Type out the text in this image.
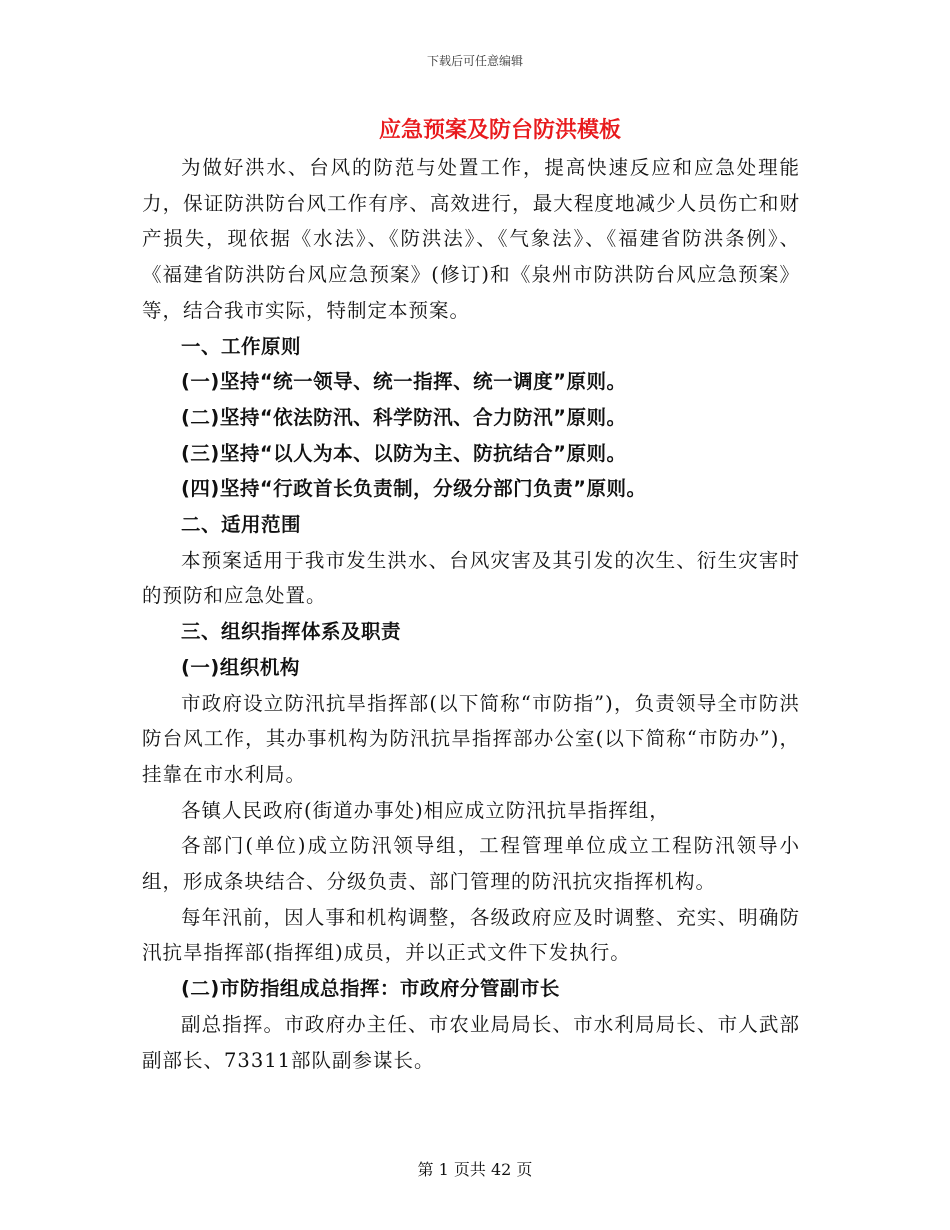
下载后可任意编辑
应急预案及防台防洪模板

为做好洪水、台风的防范与处置工作，提高快速反应和应急处理能力，保证防洪防台风工作有序、高效进行，最大程度地减少人员伤亡和财产损失，现依据《水法》、《防洪法》、《气象法》、《福建省防洪条例》、《福建省防洪防台风应急预案》(修订)和《泉州市防洪防台风应急预案》等，结合我市实际，特制定本预案。

一、工作原则

(一)坚持“统一领导、统一指挥、统一调度”原则。

(二)坚持“依法防汛、科学防汛、合力防汛”原则。

(三)坚持“以人为本、以防为主、防抗结合”原则。

(四)坚持“行政首长负责制，分级分部门负责”原则。

二、适用范围

本预案适用于我市发生洪水、台风灾害及其引发的次生、衍生灾害时的预防和应急处置。

三、组织指挥体系及职责

(一)组织机构

市政府设立防汛抗旱指挥部(以下简称“市防指”)，负责领导全市防洪防台风工作，其办事机构为防汛抗旱指挥部办公室(以下简称“市防办”)，挂靠在市水利局。

各镇人民政府(街道办事处)相应成立防汛抗旱指挥组，

各部门(单位)成立防汛领导组，工程管理单位成立工程防汛领导小组，形成条块结合、分级负责、部门管理的防汛抗灾指挥机构。

每年汛前，因人事和机构调整，各级政府应及时调整、充实、明确防汛抗旱指挥部(指挥组)成员，并以正式文件下发执行。

(二)市防指组成总指挥：市政府分管副市长

副总指挥。市政府办主任、市农业局局长、市水利局局长、市人武部副部长、73311部队副参谋长。

第 1 页共 42 页
